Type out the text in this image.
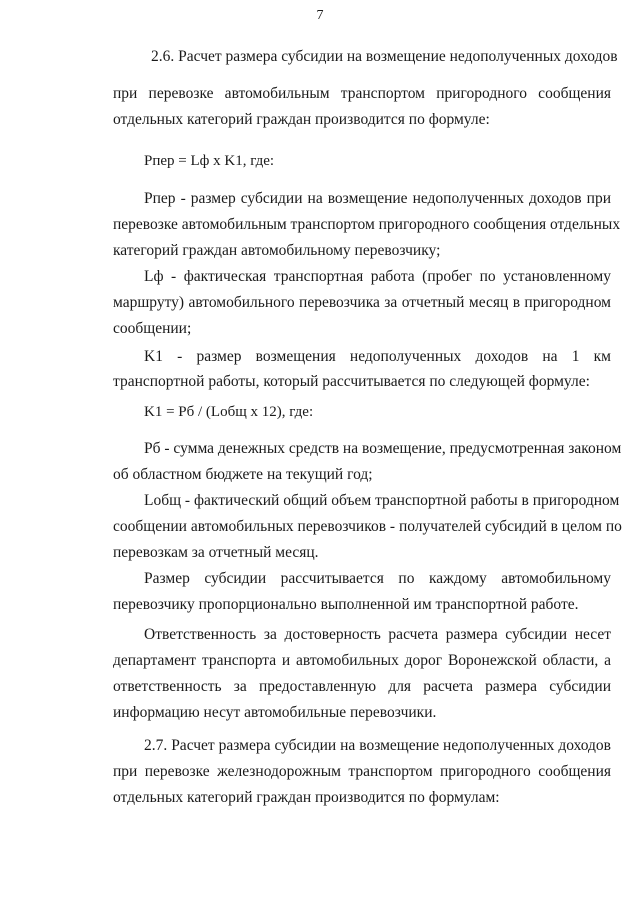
7
2.6. Расчет размера субсидии на возмещение недополученных доходов
при перевозке автомобильным транспортом пригородного сообщения
отдельных категорий граждан производится по формуле:
Pпер = Lф x K1, где:
Pпер - размер субсидии на возмещение недополученных доходов при
перевозке автомобильным транспортом пригородного сообщения отдельных
категорий граждан автомобильному перевозчику;
Lф - фактическая транспортная работа (пробег по установленному
маршруту) автомобильного перевозчика за отчетный месяц в пригородном
сообщении;
K1 - размер возмещения недополученных доходов на 1 км
транспортной работы, который рассчитывается по следующей формуле:
K1 = Pб / (Lобщ x 12), где:
Pб - сумма денежных средств на возмещение, предусмотренная законом
об областном бюджете на текущий год;
Lобщ - фактический общий объем транспортной работы в пригородном
сообщении автомобильных перевозчиков - получателей субсидий в целом по
перевозкам за отчетный месяц.
Размер субсидии рассчитывается по каждому автомобильному
перевозчику пропорционально выполненной им транспортной работе.
Ответственность за достоверность расчета размера субсидии несет
департамент транспорта и автомобильных дорог Воронежской области, а
ответственность за предоставленную для расчета размера субсидии
информацию несут автомобильные перевозчики.
2.7. Расчет размера субсидии на возмещение недополученных доходов
при перевозке железнодорожным транспортом пригородного сообщения
отдельных категорий граждан производится по формулам:
